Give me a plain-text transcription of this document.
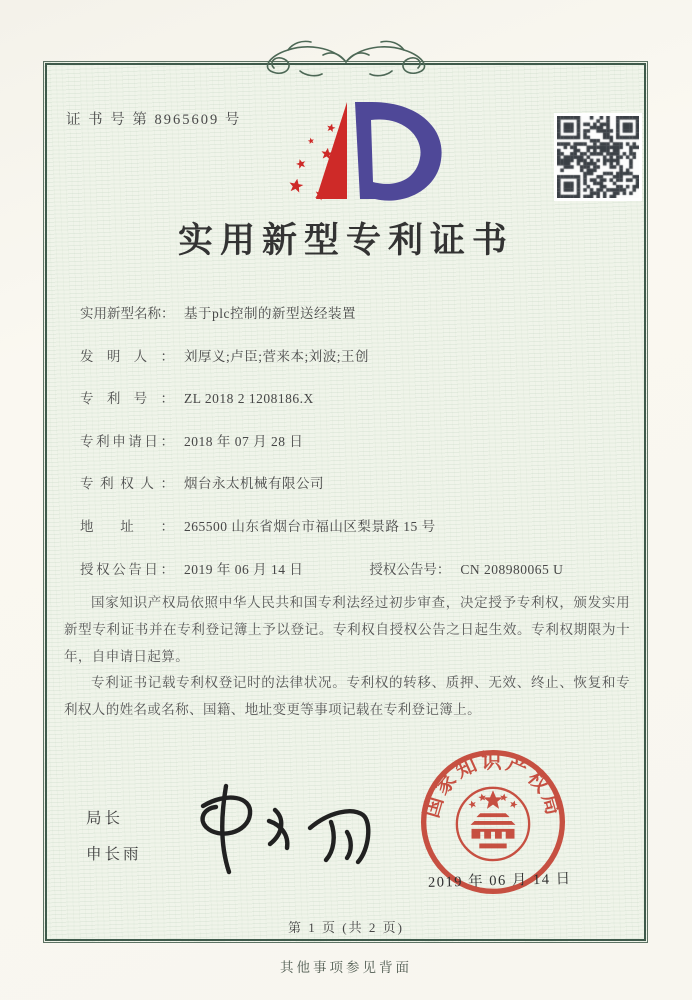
证 书 号 第 8965609 号
实用新型专利证书
实用新型名称： 基于plc控制的新型送经装置
发明人： 刘厚义;卢臣;菅来本;刘波;王创
专利号： ZL 2018 2 1208186.X
专利申请日： 2018 年 07 月 28 日
专利权人： 烟台永太机械有限公司
地址： 265500 山东省烟台市福山区梨景路 15 号
授权公告日： 2019 年 06 月 14 日	授权公告号： CN 208980065 U

国家知识产权局依照中华人民共和国专利法经过初步审查，决定授予专利权，颁发实用新型专利证书并在专利登记簿上予以登记。专利权自授权公告之日起生效。专利权期限为十年，自申请日起算。

专利证书记载专利权登记时的法律状况。专利权的转移、质押、无效、终止、恢复和专利权人的姓名或名称、国籍、地址变更等事项记载在专利登记簿上。

局长
申长雨
国家知识产权局
2019 年 06 月 14 日
第 1 页 (共 2 页)
其他事项参见背面
